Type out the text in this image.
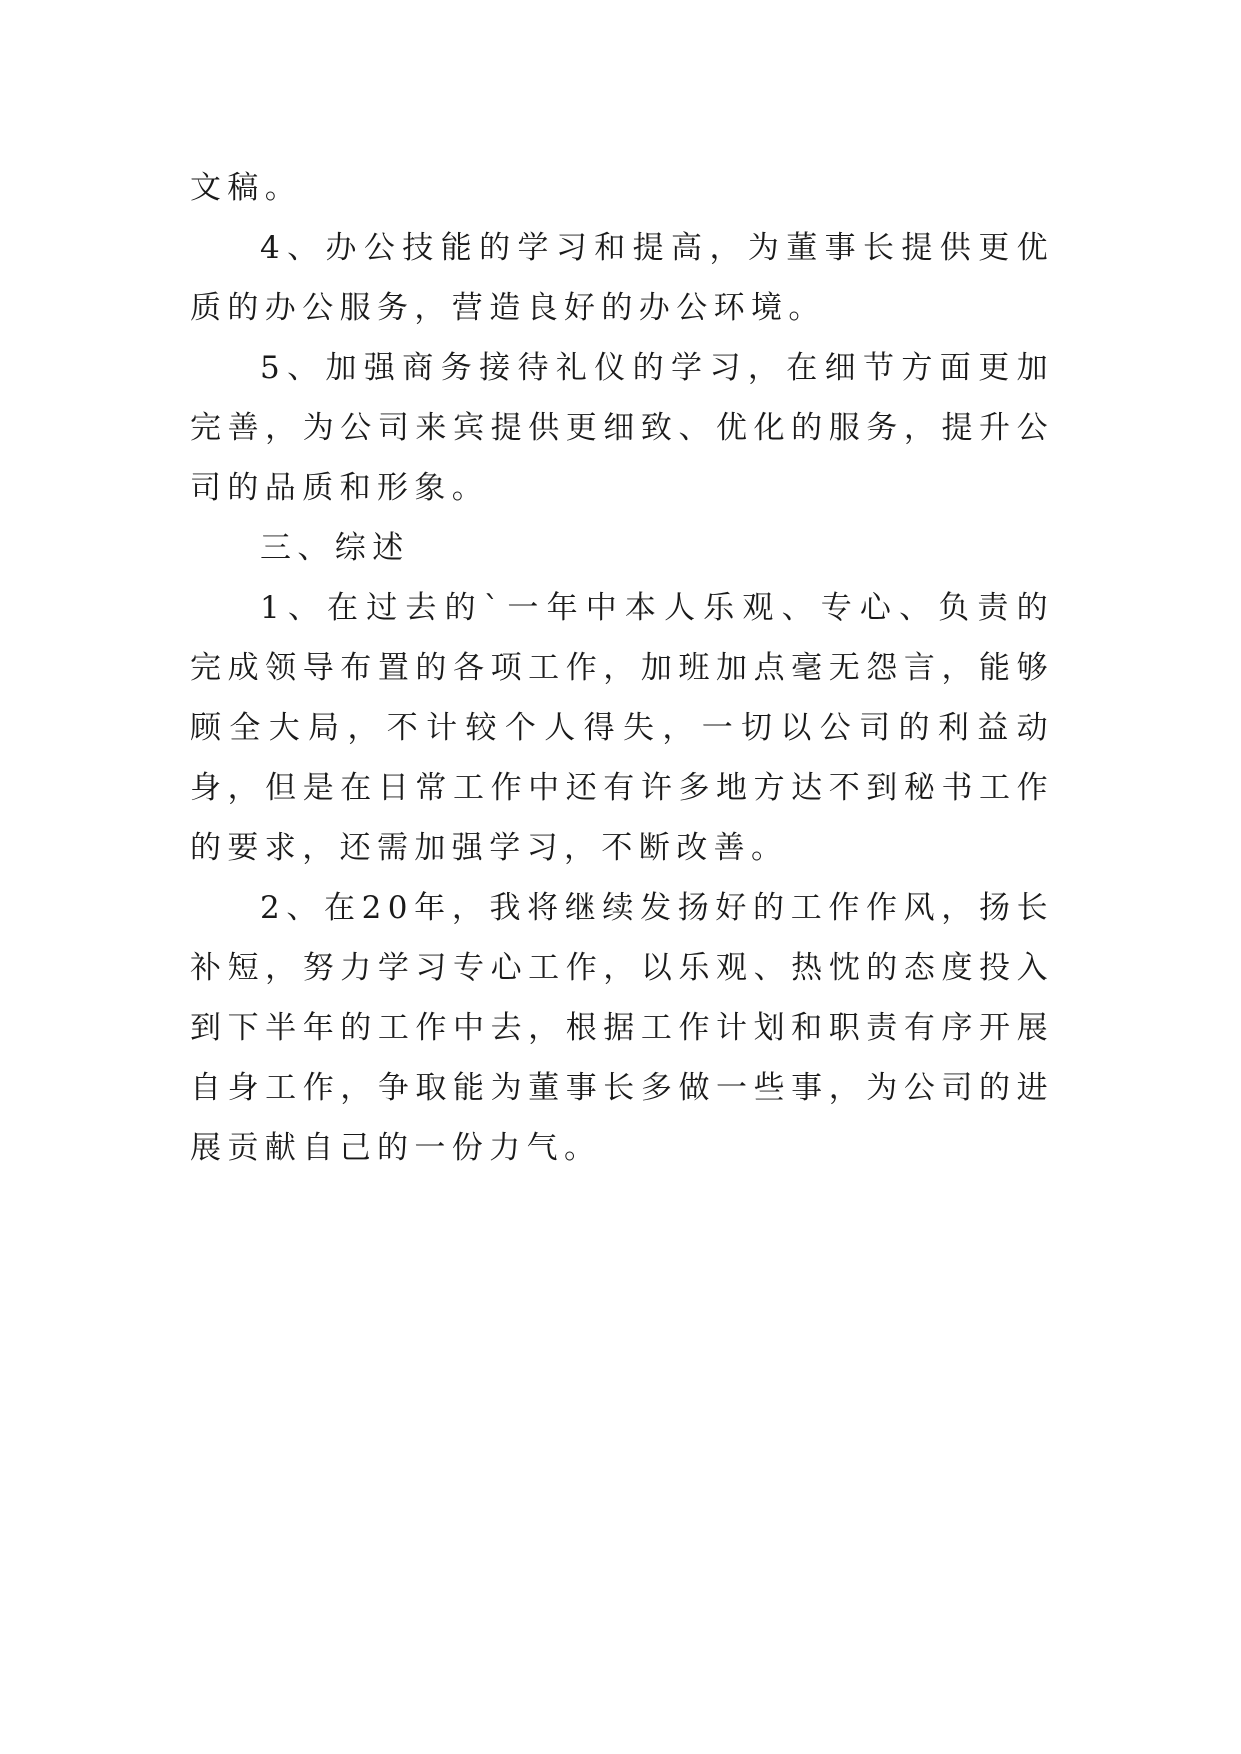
文稿。

4、办公技能的学习和提高，为董事长提供更优质的办公服务，营造良好的办公环境。

5、加强商务接待礼仪的学习，在细节方面更加完善，为公司来宾提供更细致、优化的服务，提升公司的品质和形象。

三、综述

1、在过去的`一年中本人乐观、专心、负责的完成领导布置的各项工作，加班加点毫无怨言，能够顾全大局，不计较个人得失，一切以公司的利益动身，但是在日常工作中还有许多地方达不到秘书工作的要求，还需加强学习，不断改善。

2、在20年，我将继续发扬好的工作作风，扬长补短，努力学习专心工作，以乐观、热忱的态度投入到下半年的工作中去，根据工作计划和职责有序开展自身工作，争取能为董事长多做一些事，为公司的进展贡献自己的一份力气。
